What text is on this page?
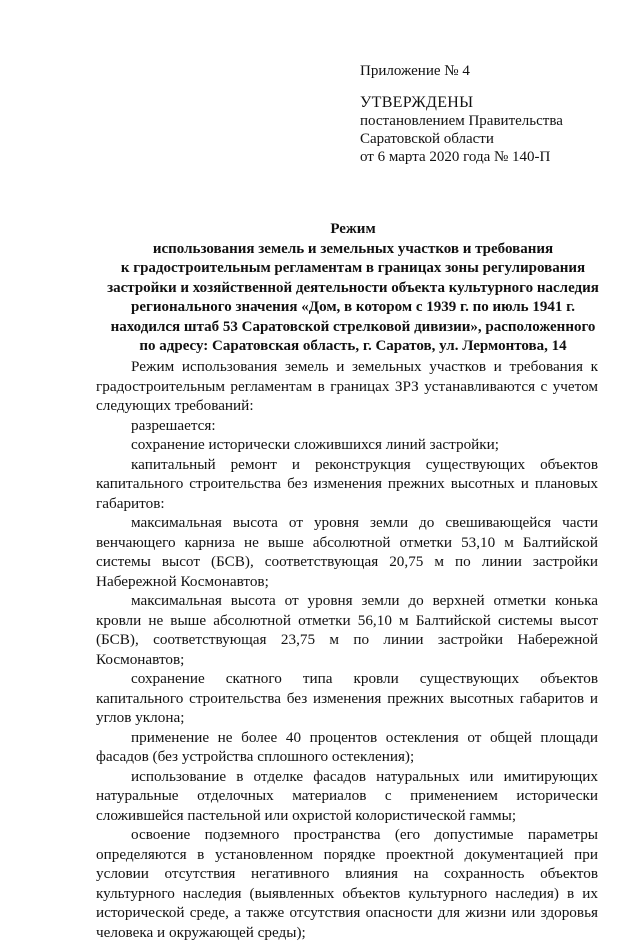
Приложение № 4
УТВЕРЖДЕНЫ
постановлением Правительства
Саратовской области
от 6 марта 2020 года № 140-П
Режим
использования земель и земельных участков и требования
к градостроительным регламентам в границах зоны регулирования
застройки и хозяйственной деятельности объекта культурного наследия
регионального значения «Дом, в котором с 1939 г. по июль 1941 г.
находился штаб 53 Саратовской стрелковой дивизии», расположенного
по адресу: Саратовская область, г. Саратов, ул. Лермонтова, 14

Режим использования земель и земельных участков и требования к градостроительным регламентам в границах ЗРЗ устанавливаются с учетом следующих требований:

разрешается:

сохранение исторически сложившихся линий застройки;

капитальный ремонт и реконструкция существующих объектов капитального строительства без изменения прежних высотных и плановых габаритов:

максимальная высота от уровня земли до свешивающейся части венчающего карниза не выше абсолютной отметки 53,10 м Балтийской системы высот (БСВ), соответствующая 20,75 м по линии застройки Набережной Космонавтов;

максимальная высота от уровня земли до верхней отметки конька кровли не выше абсолютной отметки 56,10 м Балтийской системы высот (БСВ), соответствующая 23,75 м по линии застройки Набережной Космонавтов;

сохранение скатного типа кровли существующих объектов капитального строительства без изменения прежних высотных габаритов и углов уклона;

применение не более 40 процентов остекления от общей площади фасадов (без устройства сплошного остекления);

использование в отделке фасадов натуральных или имитирующих натуральные отделочных материалов с применением исторически сложившейся пастельной или охристой колористической гаммы;

освоение подземного пространства (его допустимые параметры определяются в установленном порядке проектной документацией при условии отсутствия негативного влияния на сохранность объектов культурного наследия (выявленных объектов культурного наследия) в их исторической среде, а также отсутствия опасности для жизни или здоровья человека и окружающей среды);
